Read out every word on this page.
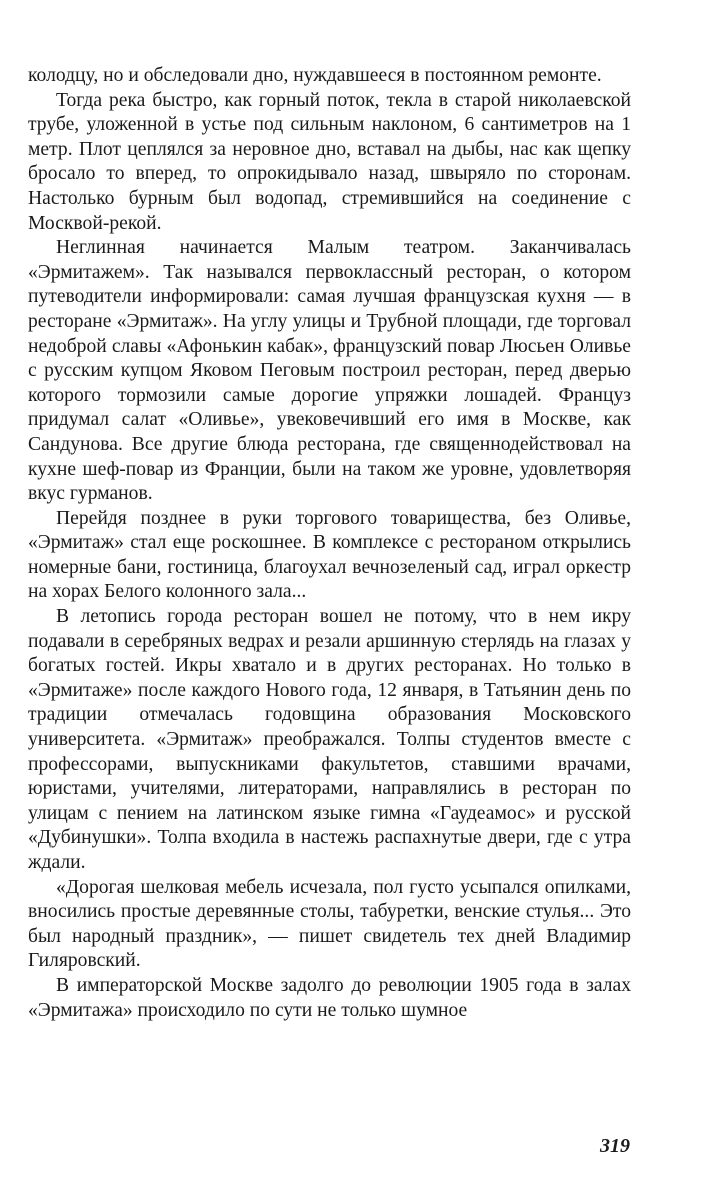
колодцу, но и обследовали дно, нуждавшееся в постоянном ремонте.

Тогда река быстро, как горный поток, текла в старой николаевской трубе, уложенной в устье под сильным наклоном, 6 сантиметров на 1 метр. Плот цеплялся за неровное дно, вставал на дыбы, нас как щепку бросало то вперед, то опрокидывало назад, швыряло по сторонам. Настолько бурным был водопад, стремившийся на соединение с Москвой-рекой.

Неглинная начинается Малым театром. Заканчивалась «Эрмитажем». Так назывался первоклассный ресторан, о котором путеводители информировали: самая лучшая французская кухня — в ресторане «Эрмитаж». На углу улицы и Трубной площади, где торговал недоброй славы «Афонькин кабак», французский повар Люсьен Оливье с русским купцом Яковом Пеговым построил ресторан, перед дверью которого тормозили самые дорогие упряжки лошадей. Француз придумал салат «Оливье», увековечивший его имя в Москве, как Сандунова. Все другие блюда ресторана, где священнодействовал на кухне шеф-повар из Франции, были на таком же уровне, удовлетворяя вкус гурманов.

Перейдя позднее в руки торгового товарищества, без Оливье, «Эрмитаж» стал еще роскошнее. В комплексе с рестораном открылись номерные бани, гостиница, благоухал вечнозеленый сад, играл оркестр на хорах Белого колонного зала...

В летопись города ресторан вошел не потому, что в нем икру подавали в серебряных ведрах и резали аршинную стерлядь на глазах у богатых гостей. Икры хватало и в других ресторанах. Но только в «Эрмитаже» после каждого Нового года, 12 января, в Татьянин день по традиции отмечалась годовщина образования Московского университета. «Эрмитаж» преображался. Толпы студентов вместе с профессорами, выпускниками факультетов, ставшими врачами, юристами, учителями, литераторами, направлялись в ресторан по улицам с пением на латинском языке гимна «Гаудеамос» и русской «Дубинушки». Толпа входила в настежь распахнутые двери, где с утра ждали.

«Дорогая шелковая мебель исчезала, пол густо усыпался опилками, вносились простые деревянные столы, табуретки, венские стулья... Это был народный праздник», — пишет свидетель тех дней Владимир Гиляровский.

В императорской Москве задолго до революции 1905 года в залах «Эрмитажа» происходило по сути не только шумное

319
